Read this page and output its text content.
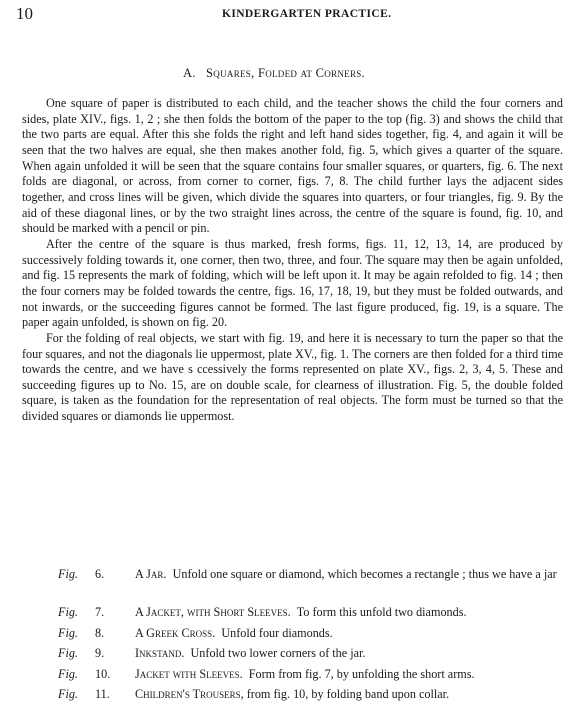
10	KINDERGARTEN PRACTICE.
A. Squares, Folded at Corners.

One square of paper is distributed to each child, and the teacher shows the child the four corners and sides, plate XIV., figs. 1, 2 ; she then folds the bottom of the paper to the top (fig. 3) and shows the child that the two parts are equal. After this she folds the right and left hand sides together, fig. 4, and again it will be seen that the two halves are equal, she then makes another fold, fig. 5, which gives a quarter of the square. When again unfolded it will be seen that the square contains four smaller squares, or quarters, fig. 6. The next folds are diagonal, or across, from corner to corner, figs. 7, 8. The child further lays the adjacent sides together, and cross lines will be given, which divide the squares into quarters, or four triangles, fig. 9. By the aid of these diagonal lines, or by the two straight lines across, the centre of the square is found, fig. 10, and should be marked with a pencil or pin.

After the centre of the square is thus marked, fresh forms, figs. 11, 12, 13, 14, are produced by successively folding towards it, one corner, then two, three, and four. The square may then be again unfolded, and fig. 15 represents the mark of folding, which will be left upon it. It may be again refolded to fig. 14 ; then the four corners may be folded towards the centre, figs. 16, 17, 18, 19, but they must be folded outwards, and not inwards, or the succeeding figures cannot be formed. The last figure produced, fig. 19, is a square. The paper again unfolded, is shown on fig. 20.

For the folding of real objects, we start with fig. 19, and here it is necessary to turn the paper so that the four squares, and not the diagonals lie uppermost, plate XV., fig. 1. The corners are then folded for a third time towards the centre, and we have s ccessively the forms represented on plate XV., figs. 2, 3, 4, 5. These and succeeding figures up to No. 15, are on double scale, for clearness of illustration. Fig. 5, the double folded square, is taken as the foundation for the representation of real objects. The form must be turned so that the divided squares or diamonds lie uppermost.

Fig.	6.	A Jar. Unfold one square or diamond, which becomes a rectangle ; thus we have a jar
Fig.	7.	A Jacket, with Short Sleeves. To form this unfold two diamonds.
Fig.	8.	A Greek Cross. Unfold four diamonds.
Fig.	9.	Inkstand. Unfold two lower corners of the jar.
Fig.	10.	Jacket with Sleeves. Form from fig. 7, by unfolding the short arms.
Fig.	11.	Children's Trousers, from fig. 10, by folding band upon collar.
